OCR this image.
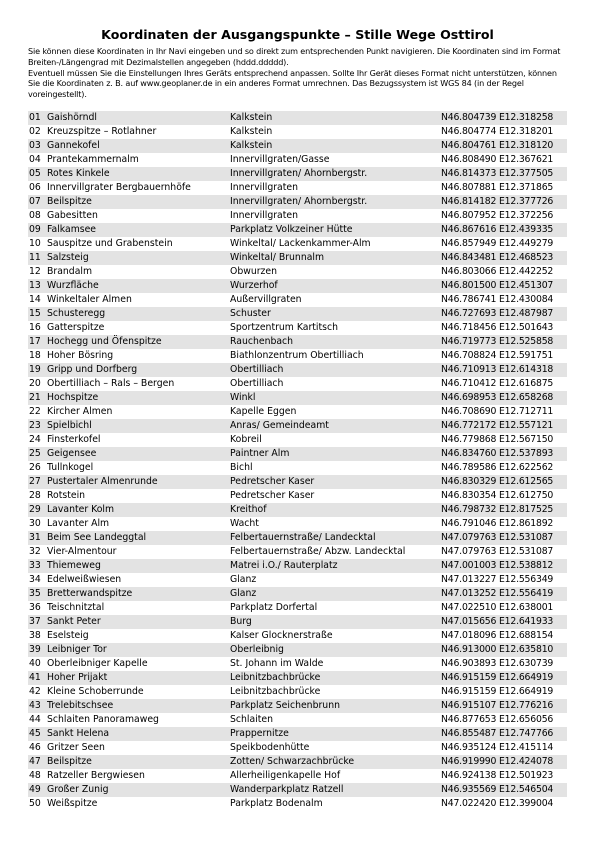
Koordinaten der Ausgangspunkte – Stille Wege Osttirol

Sie können diese Koordinaten in Ihr Navi eingeben und so direkt zum entsprechenden Punkt navigieren. Die Koordinaten sind im Format Breiten-/Längengrad mit Dezimalstellen angegeben (hddd.ddddd).

Eventuell müssen Sie die Einstellungen Ihres Geräts entsprechend anpassen. Sollte Ihr Gerät dieses Format nicht unterstützen, können Sie die Koordinaten z. B. auf www.geoplaner.de in ein anderes Format umrechnen. Das Bezugssystem ist WGS 84 (in der Regel voreingestellt).

01 Gaishörndl	Kalkstein	N46.804739 E12.318258
02 Kreuzspitze – Rotlahner	Kalkstein	N46.804774 E12.318201
03 Gannekofel	Kalkstein	N46.804761 E12.318120
04 Prantekammernalm	Innervillgraten/Gasse	N46.808490 E12.367621
05 Rotes Kinkele	Innervillgraten/ Ahornbergstr.	N46.814373 E12.377505
06 Innervillgrater Bergbauernhöfe	Innervillgraten	N46.807881 E12.371865
07 Beilspitze	Innervillgraten/ Ahornbergstr.	N46.814182 E12.377726
08 Gabesitten	Innervillgraten	N46.807952 E12.372256
09 Falkamsee	Parkplatz Volkzeiner Hütte	N46.867616 E12.439335
10 Sauspitze und Grabenstein	Winkeltal/ Lackenkammer-Alm	N46.857949 E12.449279
11 Salzsteig	Winkeltal/ Brunnalm	N46.843481 E12.468523
12 Brandalm	Obwurzen	N46.803066 E12.442252
13 Wurzfläche	Wurzerhof	N46.801500 E12.451307
14 Winkeltaler Almen	Außervillgraten	N46.786741 E12.430084
15 Schusteregg	Schuster	N46.727693 E12.487987
16 Gatterspitze	Sportzentrum Kartitsch	N46.718456 E12.501643
17 Hochegg und Öfenspitze	Rauchenbach	N46.719773 E12.525858
18 Hoher Bösring	Biathlonzentrum Obertilliach	N46.708824 E12.591751
19 Gripp und Dorfberg	Obertilliach	N46.710913 E12.614318
20 Obertilliach – Rals – Bergen	Obertilliach	N46.710412 E12.616875
21 Hochspitze	Winkl	N46.698953 E12.658268
22 Kircher Almen	Kapelle Eggen	N46.708690 E12.712711
23 Spielbichl	Anras/ Gemeindeamt	N46.772172 E12.557121
24 Finsterkofel	Kobreil	N46.779868 E12.567150
25 Geigensee	Paintner Alm	N46.834760 E12.537893
26 Tullnkogel	Bichl	N46.789586 E12.622562
27 Pustertaler Almenrunde	Pedretscher Kaser	N46.830329 E12.612565
28 Rotstein	Pedretscher Kaser	N46.830354 E12.612750
29 Lavanter Kolm	Kreithof	N46.798732 E12.817525
30 Lavanter Alm	Wacht	N46.791046 E12.861892
31 Beim See Landeggtal	Felbertauernstraße/ Landecktal	N47.079763 E12.531087
32 Vier-Almentour	Felbertauernstraße/ Abzw. Landecktal	N47.079763 E12.531087
33 Thiemeweg	Matrei i.O./ Rauterplatz	N47.001003 E12.538812
34 Edelweißwiesen	Glanz	N47.013227 E12.556349
35 Bretterwandspitze	Glanz	N47.013252 E12.556419
36 Teischnitztal	Parkplatz Dorfertal	N47.022510 E12.638001
37 Sankt Peter	Burg	N47.015656 E12.641933
38 Eselsteig	Kalser Glocknerstraße	N47.018096 E12.688154
39 Leibniger Tor	Oberleibnig	N46.913000 E12.635810
40 Oberleibniger Kapelle	St. Johann im Walde	N46.903893 E12.630739
41 Hoher Prijakt	Leibnitzbachbrücke	N46.915159 E12.664919
42 Kleine Schoberrunde	Leibnitzbachbrücke	N46.915159 E12.664919
43 Trelebitschsee	Parkplatz Seichenbrunn	N46.915107 E12.776216
44 Schlaiten Panoramaweg	Schlaiten	N46.877653 E12.656056
45 Sankt Helena	Prappernitze	N46.855487 E12.747766
46 Gritzer Seen	Speikbodenhütte	N46.935124 E12.415114
47 Beilspitze	Zotten/ Schwarzachbrücke	N46.919990 E12.424078
48 Ratzeller Bergwiesen	Allerheiligenkapelle Hof	N46.924138 E12.501923
49 Großer Zunig	Wanderparkplatz Ratzell	N46.935569 E12.546504
50 Weißspitze	Parkplatz Bodenalm	N47.022420 E12.399004
